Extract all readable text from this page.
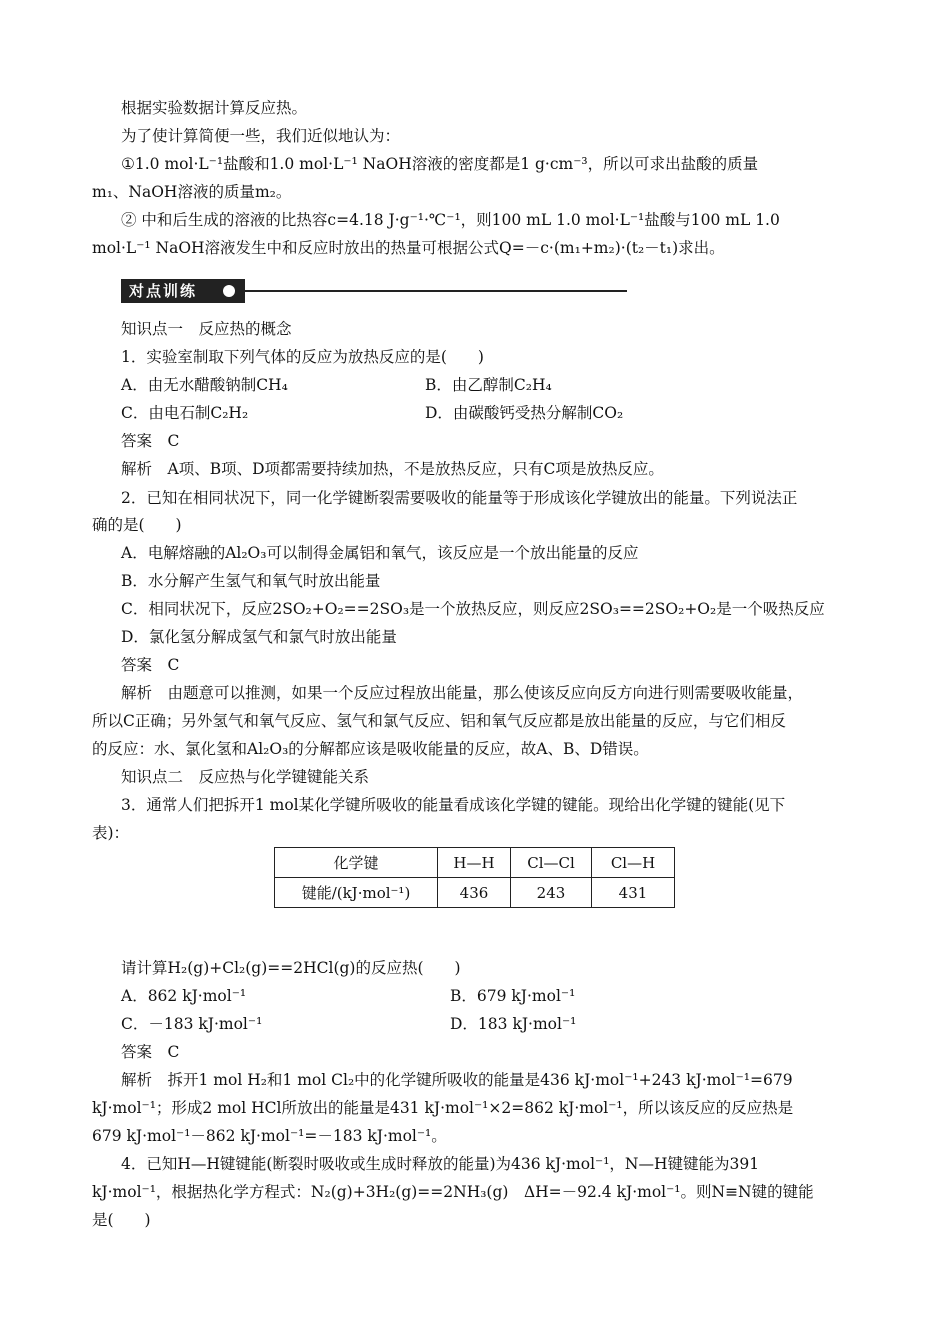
根据实验数据计算反应热。
为了使计算简便一些，我们近似地认为：
①1.0 mol·L⁻¹盐酸和1.0 mol·L⁻¹ NaOH溶液的密度都是1 g·cm⁻³，所以可求出盐酸的质量
m₁、NaOH溶液的质量m₂。
② 中和后生成的溶液的比热容c=4.18 J·g⁻¹·℃⁻¹，则100 mL 1.0 mol·L⁻¹盐酸与100 mL 1.0
mol·L⁻¹ NaOH溶液发生中和反应时放出的热量可根据公式Q=－c·(m₁+m₂)·(t₂－t₁)求出。
对点训练
知识点一　反应热的概念
1．实验室制取下列气体的反应为放热反应的是(　　)
A．由无水醋酸钠制CH₄	B．由乙醇制C₂H₄
C．由电石制C₂H₂	D．由碳酸钙受热分解制CO₂
答案　C
解析　A项、B项、D项都需要持续加热，不是放热反应，只有C项是放热反应。
2．已知在相同状况下，同一化学键断裂需要吸收的能量等于形成该化学键放出的能量。下列说法正
确的是(　　)
A．电解熔融的Al₂O₃可以制得金属铝和氧气，该反应是一个放出能量的反应
B．水分解产生氢气和氧气时放出能量
C．相同状况下，反应2SO₂+O₂==2SO₃是一个放热反应，则反应2SO₃==2SO₂+O₂是一个吸热反应
D．氯化氢分解成氢气和氯气时放出能量
答案　C
解析　由题意可以推测，如果一个反应过程放出能量，那么使该反应向反方向进行则需要吸收能量，
所以C正确；另外氢气和氧气反应、氢气和氯气反应、铝和氧气反应都是放出能量的反应，与它们相反
的反应：水、氯化氢和Al₂O₃的分解都应该是吸收能量的反应，故A、B、D错误。
知识点二　反应热与化学键键能关系
3．通常人们把拆开1 mol某化学键所吸收的能量看成该化学键的键能。现给出化学键的键能(见下
表)：
化学键	H—H	Cl—Cl	Cl—H
键能/(kJ·mol⁻¹)	436	243	431
请计算H₂(g)+Cl₂(g)==2HCl(g)的反应热(　　)
A．862 kJ·mol⁻¹	B．679 kJ·mol⁻¹
C．－183 kJ·mol⁻¹	D．183 kJ·mol⁻¹
答案　C
解析　拆开1 mol H₂和1 mol Cl₂中的化学键所吸收的能量是436 kJ·mol⁻¹+243 kJ·mol⁻¹=679
kJ·mol⁻¹；形成2 mol HCl所放出的能量是431 kJ·mol⁻¹×2=862 kJ·mol⁻¹，所以该反应的反应热是
679 kJ·mol⁻¹－862 kJ·mol⁻¹=－183 kJ·mol⁻¹。
4．已知H—H键键能(断裂时吸收或生成时释放的能量)为436 kJ·mol⁻¹，N—H键键能为391
kJ·mol⁻¹，根据热化学方程式：N₂(g)+3H₂(g)==2NH₃(g)　ΔH=－92.4 kJ·mol⁻¹。则N≡N键的键能
是(　　)
